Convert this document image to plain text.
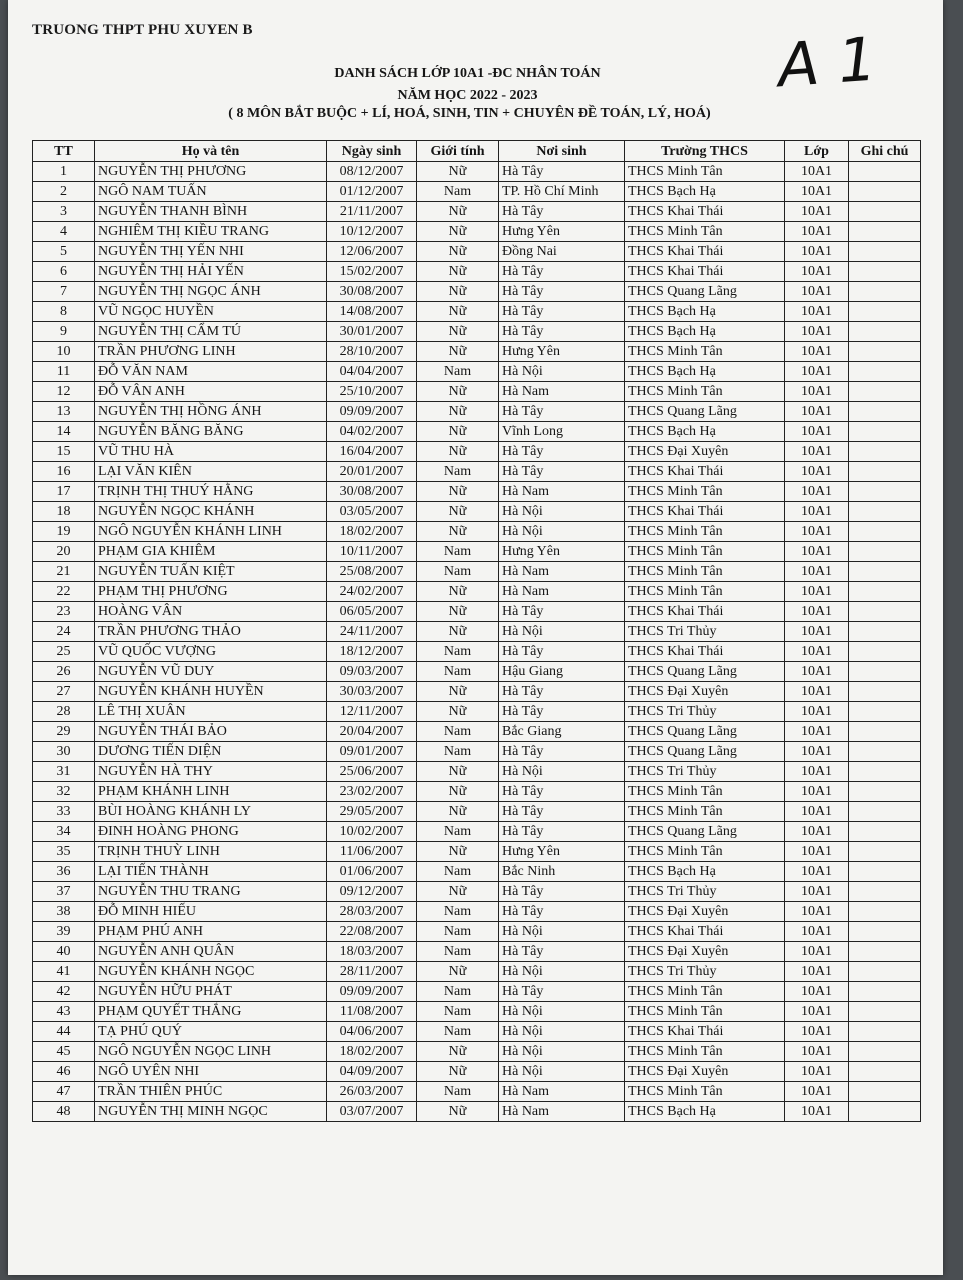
TRUONG THPT PHU XUYEN B	A 1
DANH SÁCH LỚP 10A1 -ĐC NHÂN TOÁN
NĂM HỌC 2022 - 2023
( 8 MÔN BẮT BUỘC + LÍ, HOÁ, SINH, TIN + CHUYÊN ĐỀ TOÁN, LÝ, HOÁ)
TT	Họ và tên	Ngày sinh	Giới tính	Nơi sinh	Trường THCS	Lớp	Ghi chú
1	NGUYỄN THỊ PHƯƠNG	08/12/2007	Nữ	Hà Tây	THCS Minh Tân	10A1	
2	NGÔ NAM TUẤN	01/12/2007	Nam	TP. Hồ Chí Minh	THCS Bạch Hạ	10A1	
3	NGUYỄN THANH BÌNH	21/11/2007	Nữ	Hà Tây	THCS Khai Thái	10A1	
4	NGHIÊM THỊ KIỀU TRANG	10/12/2007	Nữ	Hưng Yên	THCS Minh Tân	10A1	
5	NGUYỄN THỊ YẾN NHI	12/06/2007	Nữ	Đồng Nai	THCS Khai Thái	10A1	
6	NGUYỄN THỊ HẢI YẾN	15/02/2007	Nữ	Hà Tây	THCS Khai Thái	10A1	
7	NGUYỄN THỊ NGỌC ÁNH	30/08/2007	Nữ	Hà Tây	THCS Quang Lãng	10A1	
8	VŨ NGỌC HUYỀN	14/08/2007	Nữ	Hà Tây	THCS Bạch Hạ	10A1	
9	NGUYỄN THỊ CẨM TÚ	30/01/2007	Nữ	Hà Tây	THCS Bạch Hạ	10A1	
10	TRẦN PHƯƠNG LINH	28/10/2007	Nữ	Hưng Yên	THCS Minh Tân	10A1	
11	ĐỖ VĂN NAM	04/04/2007	Nam	Hà Nội	THCS Bạch Hạ	10A1	
12	ĐỖ VÂN ANH	25/10/2007	Nữ	Hà Nam	THCS Minh Tân	10A1	
13	NGUYỄN THỊ HỒNG ÁNH	09/09/2007	Nữ	Hà Tây	THCS Quang Lãng	10A1	
14	NGUYỄN BĂNG BĂNG	04/02/2007	Nữ	Vĩnh Long	THCS Bạch Hạ	10A1	
15	VŨ THU HÀ	16/04/2007	Nữ	Hà Tây	THCS Đại Xuyên	10A1	
16	LẠI VĂN KIÊN	20/01/2007	Nam	Hà Tây	THCS Khai Thái	10A1	
17	TRỊNH THỊ THUÝ HẰNG	30/08/2007	Nữ	Hà Nam	THCS Minh Tân	10A1	
18	NGUYỄN NGỌC KHÁNH	03/05/2007	Nữ	Hà Nội	THCS Khai Thái	10A1	
19	NGÔ NGUYỄN KHÁNH LINH	18/02/2007	Nữ	Hà Nội	THCS Minh Tân	10A1	
20	PHẠM GIA KHIÊM	10/11/2007	Nam	Hưng Yên	THCS Minh Tân	10A1	
21	NGUYỄN TUẤN KIỆT	25/08/2007	Nam	Hà Nam	THCS Minh Tân	10A1	
22	PHẠM THỊ PHƯƠNG	24/02/2007	Nữ	Hà Nam	THCS Minh Tân	10A1	
23	HOÀNG VÂN	06/05/2007	Nữ	Hà Tây	THCS Khai Thái	10A1	
24	TRẦN PHƯƠNG THẢO	24/11/2007	Nữ	Hà Nội	THCS Tri Thủy	10A1	
25	VŨ QUỐC VƯỢNG	18/12/2007	Nam	Hà Tây	THCS Khai Thái	10A1	
26	NGUYỄN VŨ DUY	09/03/2007	Nam	Hậu Giang	THCS Quang Lãng	10A1	
27	NGUYỄN KHÁNH HUYỀN	30/03/2007	Nữ	Hà Tây	THCS Đại Xuyên	10A1	
28	LÊ THỊ XUÂN	12/11/2007	Nữ	Hà Tây	THCS Tri Thủy	10A1	
29	NGUYỄN THÁI BẢO	20/04/2007	Nam	Bắc Giang	THCS Quang Lãng	10A1	
30	DƯƠNG TIẾN DIỆN	09/01/2007	Nam	Hà Tây	THCS Quang Lãng	10A1	
31	NGUYỄN HÀ THY	25/06/2007	Nữ	Hà Nội	THCS Tri Thủy	10A1	
32	PHẠM KHÁNH LINH	23/02/2007	Nữ	Hà Tây	THCS Minh Tân	10A1	
33	BÙI HOÀNG KHÁNH LY	29/05/2007	Nữ	Hà Tây	THCS Minh Tân	10A1	
34	ĐINH HOÀNG PHONG	10/02/2007	Nam	Hà Tây	THCS Quang Lãng	10A1	
35	TRỊNH THUỲ LINH	11/06/2007	Nữ	Hưng Yên	THCS Minh Tân	10A1	
36	LẠI TIẾN THÀNH	01/06/2007	Nam	Bắc Ninh	THCS Bạch Hạ	10A1	
37	NGUYỄN THU TRANG	09/12/2007	Nữ	Hà Tây	THCS Tri Thủy	10A1	
38	ĐỖ MINH HIẾU	28/03/2007	Nam	Hà Tây	THCS Đại Xuyên	10A1	
39	PHẠM PHÚ ANH	22/08/2007	Nam	Hà Nội	THCS Khai Thái	10A1	
40	NGUYỄN ANH QUÂN	18/03/2007	Nam	Hà Tây	THCS Đại Xuyên	10A1	
41	NGUYỄN KHÁNH NGỌC	28/11/2007	Nữ	Hà Nội	THCS Tri Thủy	10A1	
42	NGUYỄN HỮU PHÁT	09/09/2007	Nam	Hà Tây	THCS Minh Tân	10A1	
43	PHẠM QUYẾT THẮNG	11/08/2007	Nam	Hà Nội	THCS Minh Tân	10A1	
44	TẠ PHÚ QUÝ	04/06/2007	Nam	Hà Nội	THCS Khai Thái	10A1	
45	NGÔ NGUYỄN NGỌC LINH	18/02/2007	Nữ	Hà Nội	THCS Minh Tân	10A1	
46	NGÔ UYÊN NHI	04/09/2007	Nữ	Hà Nội	THCS Đại Xuyên	10A1	
47	TRẦN THIÊN PHÚC	26/03/2007	Nam	Hà Nam	THCS Minh Tân	10A1	
48	NGUYỄN THỊ MINH NGỌC	03/07/2007	Nữ	Hà Nam	THCS Bạch Hạ	10A1	
